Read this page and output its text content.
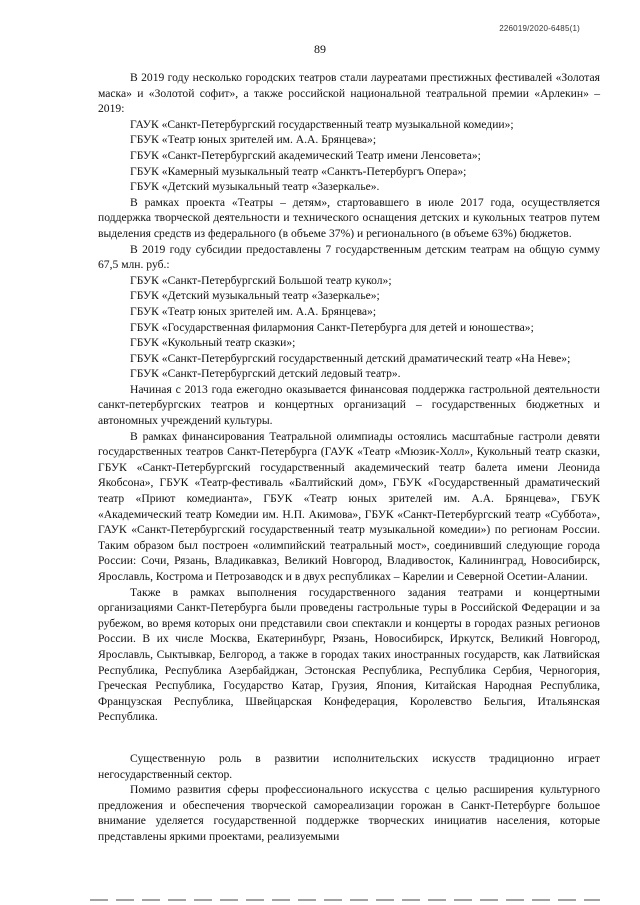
226019/2020-6485(1)
89

В 2019 году несколько городских театров стали лауреатами престижных фестивалей «Золотая маска» и «Золотой софит», а также российской национальной театральной премии «Арлекин» – 2019:

ГАУК «Санкт-Петербургский государственный театр музыкальной комедии»;

ГБУК «Театр юных зрителей им. А.А. Брянцева»;

ГБУК «Санкт-Петербургский академический Театр имени Ленсовета»;

ГБУК «Камерный музыкальный театр «Санктъ-Петербургъ Опера»;

ГБУК «Детский музыкальный театр «Зазеркалье».

В рамках проекта «Театры – детям», стартовавшего в июле 2017 года, осуществляется поддержка творческой деятельности и технического оснащения детских и кукольных театров путем выделения средств из федерального (в объеме 37%) и регионального (в объеме 63%) бюджетов.

В 2019 году субсидии предоставлены 7 государственным детским театрам на общую сумму 67,5 млн. руб.:

ГБУК «Санкт-Петербургский Большой театр кукол»;

ГБУК «Детский музыкальный театр «Зазеркалье»;

ГБУК «Театр юных зрителей им. А.А. Брянцева»;

ГБУК «Государственная филармония Санкт-Петербурга для детей и юношества»;

ГБУК «Кукольный театр сказки»;

ГБУК «Санкт-Петербургский государственный детский драматический театр «На Неве»;

ГБУК «Санкт-Петербургский детский ледовый театр».

Начиная с 2013 года ежегодно оказывается финансовая поддержка гастрольной деятельности санкт-петербургских театров и концертных организаций – государственных бюджетных и автономных учреждений культуры.

В рамках финансирования Театральной олимпиады остоялись масштабные гастроли девяти государственных театров Санкт-Петербурга (ГАУК «Театр «Мюзик-Холл», Кукольный театр сказки, ГБУК «Санкт-Петербургский государственный академический театр балета имени Леонида Якобсона», ГБУК «Театр-фестиваль «Балтийский дом», ГБУК «Государственный драматический театр «Приют комедианта», ГБУК «Театр юных зрителей им. А.А. Брянцева», ГБУК «Академический театр Комедии им. Н.П. Акимова», ГБУК «Санкт-Петербургский театр «Суббота», ГАУК «Санкт-Петербургский государственный театр музыкальной комедии») по регионам России. Таким образом был построен «олимпийский театральный мост», соединивший следующие города России: Сочи, Рязань, Владикавказ, Великий Новгород, Владивосток, Калининград, Новосибирск, Ярославль, Кострома и Петрозаводск и в двух республиках – Карелии и Северной Осетии-Алании.

Также в рамках выполнения государственного задания театрами и концертными организациями Санкт-Петербурга были проведены гастрольные туры в Российской Федерации и за рубежом, во время которых они представили свои спектакли и концерты в городах разных регионов России. В их числе Москва, Екатеринбург, Рязань, Новосибирск, Иркутск, Великий Новгород, Ярославль, Сыктывкар, Белгород, а также в городах таких иностранных государств, как Латвийская Республика, Республика Азербайджан, Эстонская Республика, Республика Сербия, Черногория, Греческая Республика, Государство Катар, Грузия, Япония, Китайская Народная Республика, Французская Республика, Швейцарская Конфедерация, Королевство Бельгия, Итальянская Республика.

Существенную роль в развитии исполнительских искусств традиционно играет негосударственный сектор.

Помимо развития сферы профессионального искусства с целью расширения культурного предложения и обеспечения творческой самореализации горожан в Санкт-Петербурге большое внимание уделяется государственной поддержке творческих инициатив населения, которые представлены яркими проектами, реализуемыми
